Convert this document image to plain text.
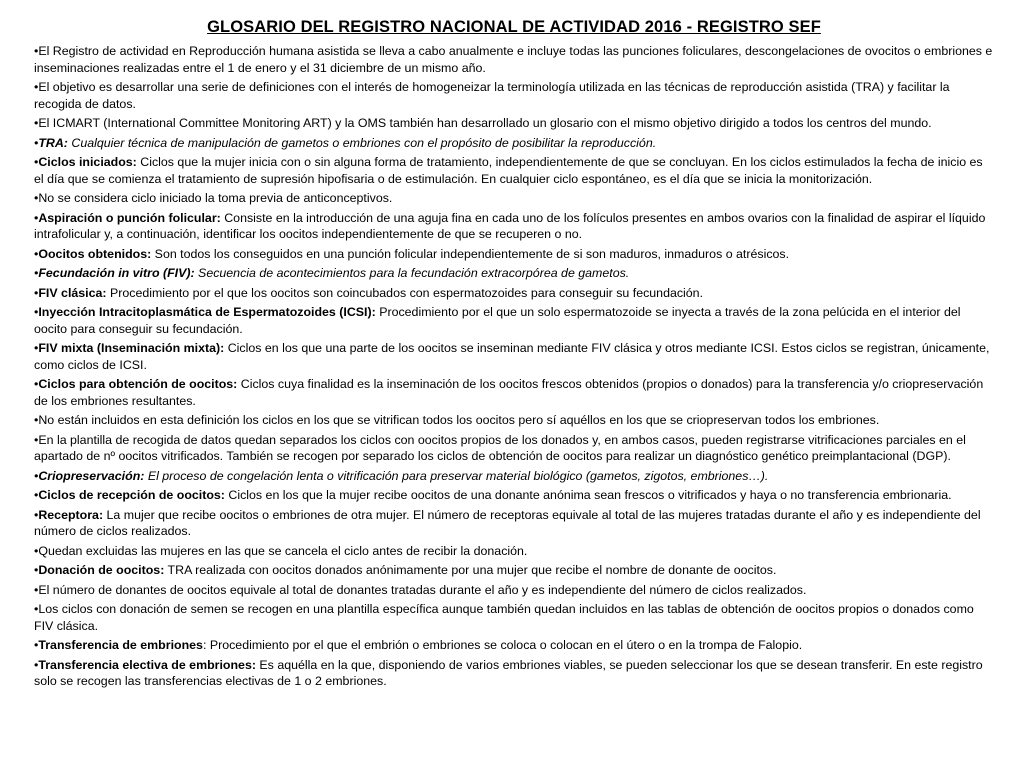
GLOSARIO DEL REGISTRO NACIONAL DE ACTIVIDAD 2016 - REGISTRO SEF
•El Registro de actividad en Reproducción humana asistida se lleva a cabo anualmente e incluye todas las punciones foliculares, descongelaciones de ovocitos o embriones e inseminaciones realizadas entre el 1 de enero y el 31 diciembre de un mismo año.
•El objetivo es desarrollar una serie de definiciones con el interés de homogeneizar la terminología utilizada en las técnicas de reproducción asistida (TRA) y facilitar la recogida de datos.
•El ICMART (International Committee Monitoring ART) y la OMS también han desarrollado un glosario con el mismo objetivo dirigido a todos los centros del mundo.
•TRA: Cualquier técnica de manipulación de gametos o embriones con el propósito de posibilitar la reproducción.
•Ciclos iniciados: Ciclos que la mujer inicia con o sin alguna forma de tratamiento, independientemente de que se concluyan. En los ciclos estimulados la fecha de inicio es el día que se comienza el tratamiento de supresión hipofisaria o de estimulación. En cualquier ciclo espontáneo, es el día que se inicia la monitorización.
•No se considera ciclo iniciado la toma previa de anticonceptivos.
•Aspiración o punción folicular: Consiste en la introducción de una aguja fina en cada uno de los folículos presentes en ambos ovarios con la finalidad de aspirar el líquido intrafolicular y, a continuación, identificar los oocitos independientemente de que se recuperen o no.
•Oocitos obtenidos: Son todos los conseguidos en una punción folicular independientemente de si son maduros, inmaduros o atrésicos.
•Fecundación in vitro (FIV): Secuencia de acontecimientos para la fecundación extracorpórea de gametos.
•FIV clásica: Procedimiento por el que los oocitos son coincubados con espermatozoides para conseguir su fecundación.
•Inyección Intracitoplasmática de Espermatozoides (ICSI): Procedimiento por el que un solo espermatozoide se inyecta a través de la zona pelúcida en el interior del oocito para conseguir su fecundación.
•FIV mixta (Inseminación mixta): Ciclos en los que una parte de los oocitos se inseminan mediante FIV clásica y otros mediante ICSI. Estos ciclos se registran, únicamente, como ciclos de ICSI.
•Ciclos para obtención de oocitos: Ciclos cuya finalidad es la inseminación de los oocitos frescos obtenidos (propios o donados) para la transferencia y/o criopreservación de los embriones resultantes.
•No están incluidos en esta definición los ciclos en los que se vitrifican todos los oocitos pero sí aquéllos en los que se criopreservan todos los embriones.
•En la plantilla de recogida de datos quedan separados los ciclos con oocitos propios de los donados y, en ambos casos, pueden registrarse vitrificaciones parciales en el apartado de nº oocitos vitrificados. También se recogen por separado los ciclos de obtención de oocitos para realizar un diagnóstico genético preimplantacional (DGP).
•Criopreservación: El proceso de congelación lenta o vitrificación para preservar material biológico (gametos, zigotos, embriones…).
•Ciclos de recepción de oocitos: Ciclos en los que la mujer recibe oocitos de una donante anónima sean frescos o vitrificados y haya o no transferencia embrionaria.
•Receptora: La mujer que recibe oocitos o embriones de otra mujer. El número de receptoras equivale al total de las mujeres tratadas durante el año y es independiente del número de ciclos realizados.
•Quedan excluidas las mujeres en las que se cancela el ciclo antes de recibir la donación.
•Donación de oocitos: TRA realizada con oocitos donados anónimamente por una mujer que recibe el nombre de donante de oocitos.
•El número de donantes de oocitos equivale al total de donantes tratadas durante el año y es independiente del número de ciclos realizados.
•Los ciclos con donación de semen se recogen en una plantilla específica aunque también quedan incluidos en las tablas de obtención de oocitos propios o donados como FIV clásica.
•Transferencia de embriones: Procedimiento por el que el embrión o embriones se coloca o colocan en el útero o en la trompa de Falopio.
•Transferencia electiva de embriones: Es aquélla en la que, disponiendo de varios embriones viables, se pueden seleccionar los que se desean transferir. En este registro solo se recogen las transferencias electivas de 1 o 2 embriones.
